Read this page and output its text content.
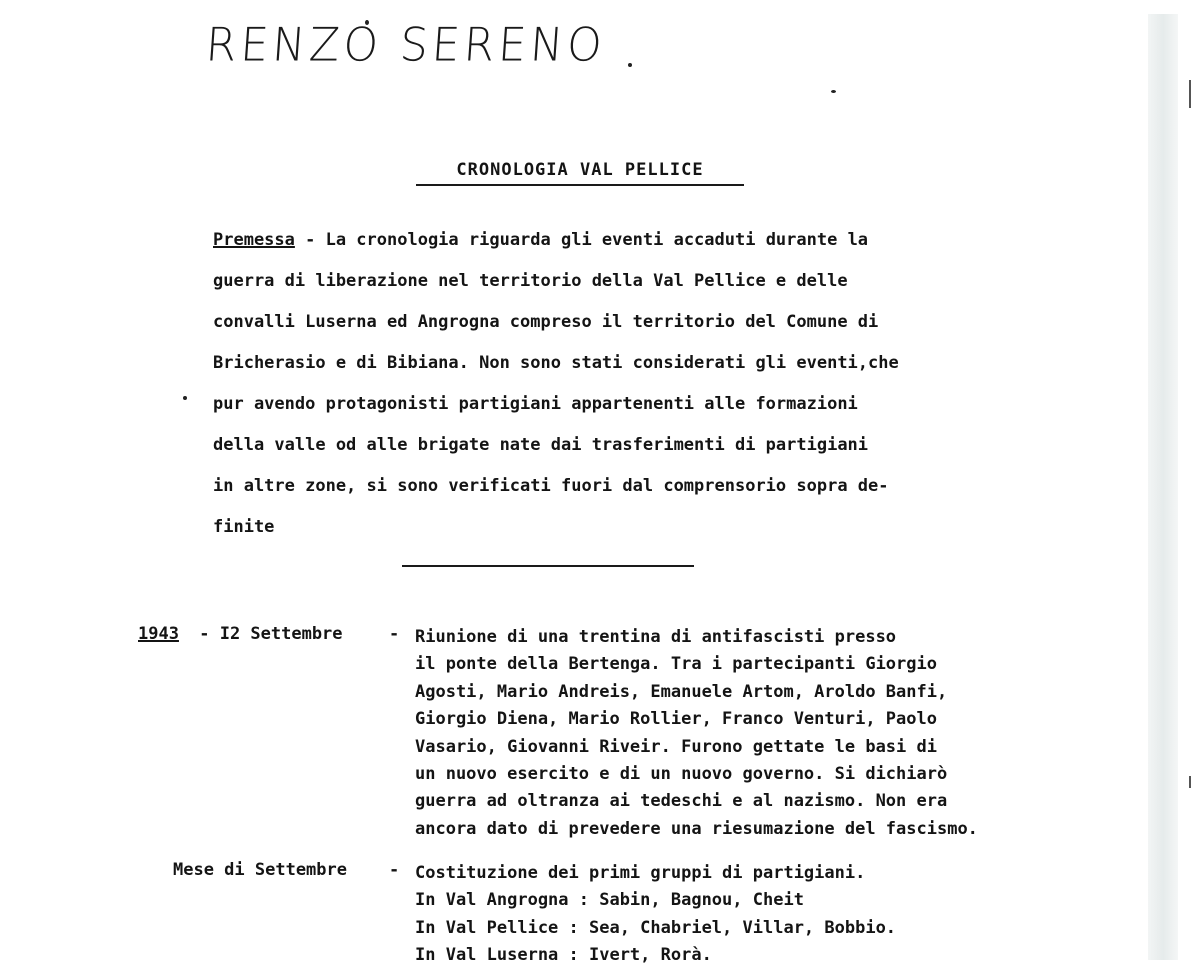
RENZO SERENO
CRONOLOGIA VAL PELLICE
Premessa - La cronologia riguarda gli eventi accaduti durante la
guerra di liberazione nel territorio della Val Pellice e delle
convalli Luserna ed Angrogna compreso il territorio del Comune di
Bricherasio e di Bibiana. Non sono stati considerati gli eventi,che
pur avendo protagonisti partigiani appartenenti alle formazioni
della valle od alle brigate nate dai trasferimenti di partigiani
in altre zone, si sono verificati fuori dal comprensorio sopra de-
finite
1943 - I2 Settembre	- Riunione di una trentina di antifascisti presso
il ponte della Bertenga. Tra i partecipanti Giorgio
Agosti, Mario Andreis, Emanuele Artom, Aroldo Banfi,
Giorgio Diena, Mario Rollier, Franco Venturi, Paolo
Vasario, Giovanni Riveir. Furono gettate le basi di
un nuovo esercito e di un nuovo governo. Si dichiarò
guerra ad oltranza ai tedeschi e al nazismo. Non era
ancora dato di prevedere una riesumazione del fascismo.
Mese di Settembre - Costituzione dei primi gruppi di partigiani.
In Val Angrogna : Sabin, Bagnou, Cheit
In Val Pellice : Sea, Chabriel, Villar, Bobbio.
In Val Luserna : Ivert, Rorà.
